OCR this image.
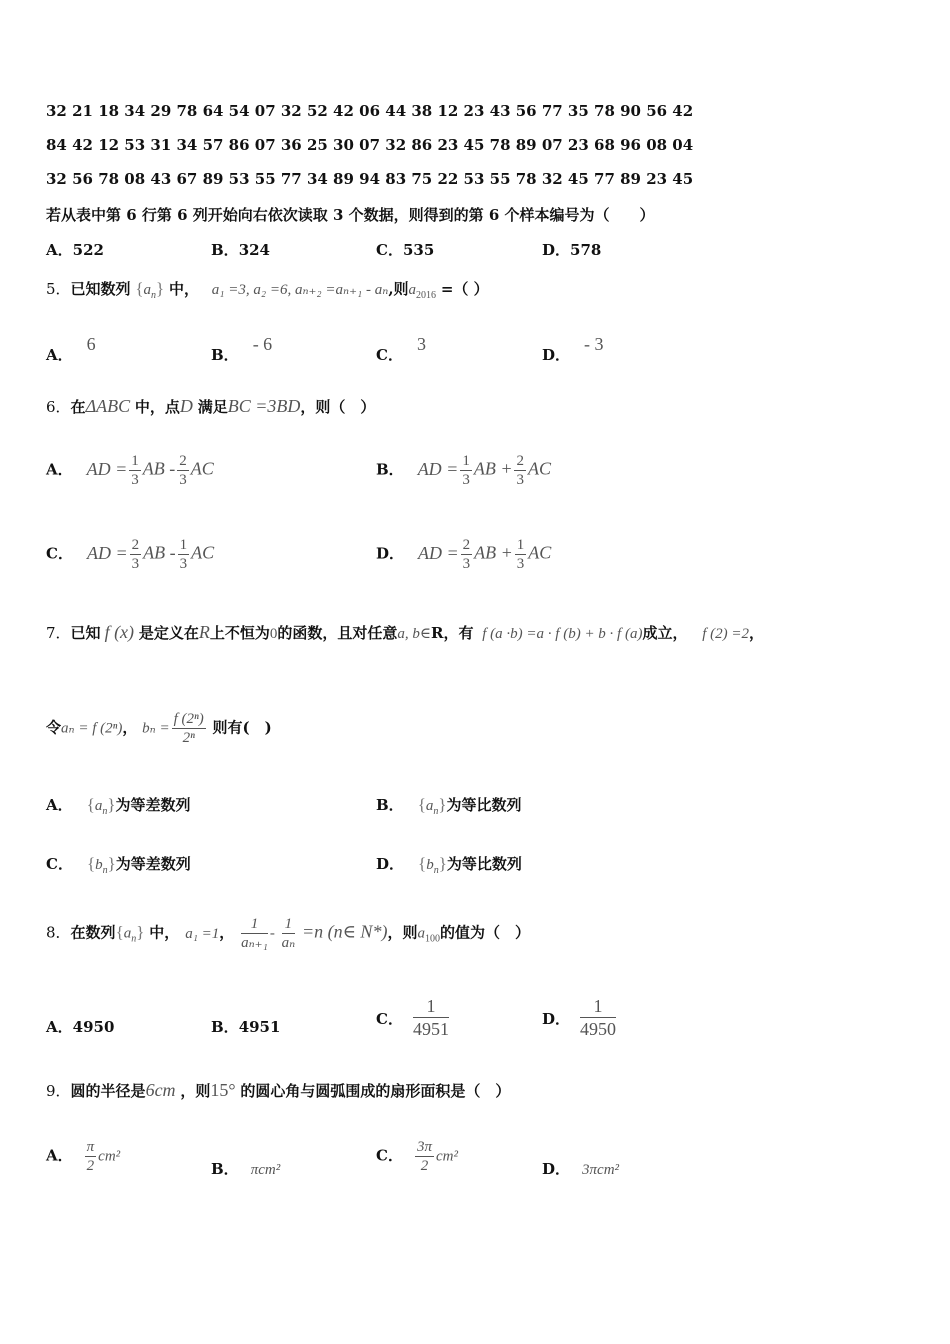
32 21 18 34 29 78 64 54 07 32 52 42 06 44 38 12 23 43 56 77 35 78 90 56 42
84 42 12 53 31 34 57 86 07 36 25 30 07 32 86 23 45 78 89 07 23 68 96 08 04
32 56 78 08 43 67 89 53 55 77 34 89 94 83 75 22 53 55 78 32 45 77 89 23 45
若从表中第 6 行第 6 列开始向右依次读取 3 个数据，则得到的第 6 个样本编号为（　　）
A．522	B．324	C．535	D．578
5．已知数列 $\{a_n\}$ 中， a₁ =3, a₂ =6, aₙ₊₂ =aₙ₊₁ - aₙ,则$a_{2016}$ =（ ）
A．6
B．- 6
C．3
D．- 3
6．在ΔABC 中，点D 满足BC =3BD，则（　）
A． AD = $\frac{1}{3}$ AB - $\frac{2}{3}$ AC	B． AD = $\frac{1}{3}$ AB + $\frac{2}{3}$ AC
C． AD = $\frac{2}{3}$ AB - $\frac{1}{3}$ AC	D． AD = $\frac{2}{3}$ AB + $\frac{1}{3}$ AC
7．已知 f (x) 是定义在R上不恒为0的函数，且对任意a, b∈R，有 f (a ·b) =a · f (b) + b · f (a)成立， f (2) =2，
令aₙ = f (2ⁿ)， $b_n = \frac{\text{f (2ⁿ)}}{\text{2ⁿ}}$ 则有(　)
A． $\{a_n\}$为等差数列	B． $\{a_n\}$为等比数列
C． $\{b_n\}$为等差数列	D． $\{b_n\}$为等比数列
8．在数列$\{a_n\}$ 中， a₁ =1， $\frac{1}{\text{aₙ₊₁}} - \frac{1}{\text{aₙ}} =n$ (n∈ N*)，则$a_{100}$的值为（　）
A．4950	B．4951	C． $\frac{1}{4951}$	D． $\frac{1}{4950}$
9．圆的半径是6cm ，则15° 的圆心角与圆弧围成的扇形面积是（　）
A． $\frac{\pi}{2} cm^2$
B． πcm²
C． $\frac{3\pi}{2} cm^2$
D． 3πcm²
